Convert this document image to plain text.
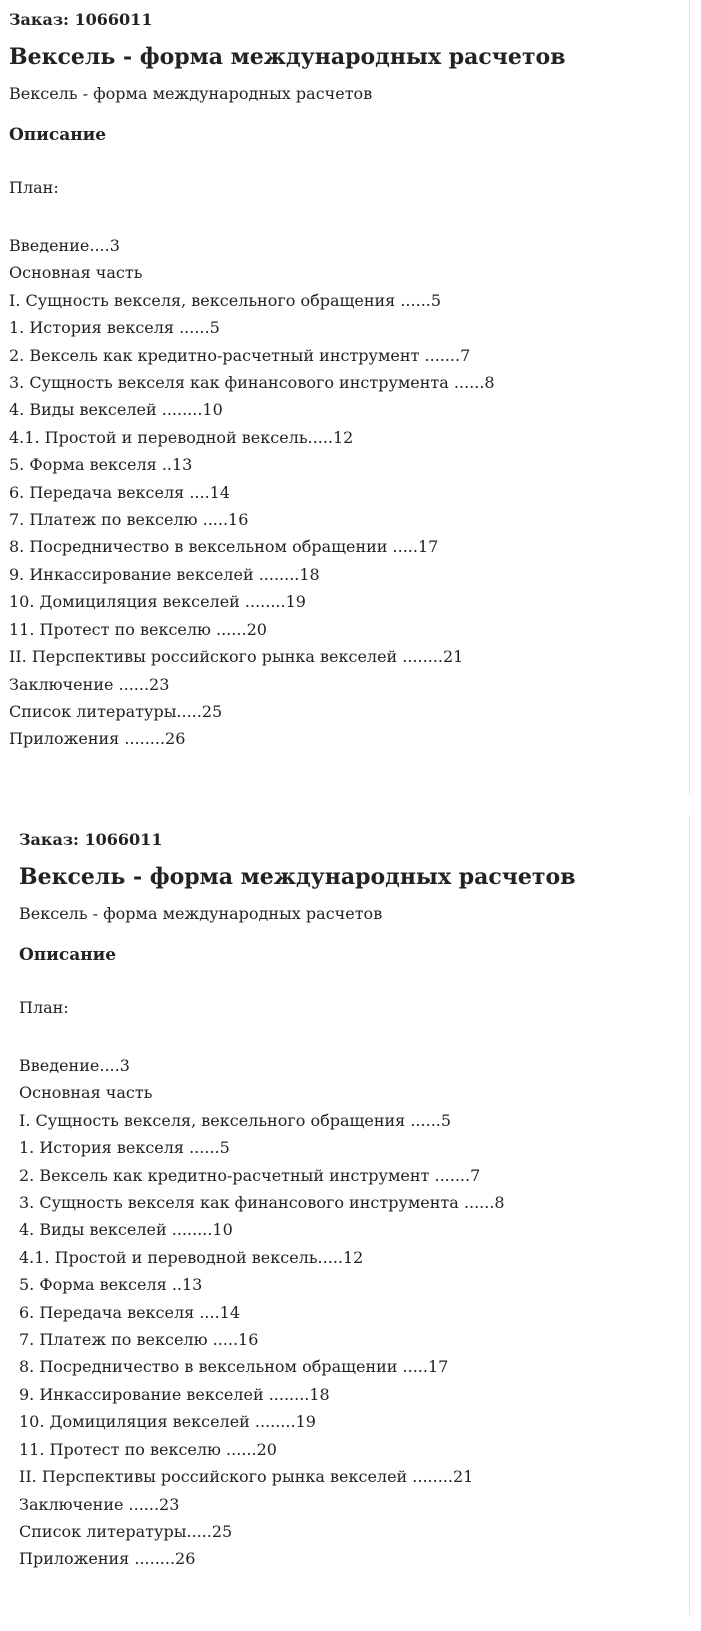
Заказ: 1066011

Вексель - форма международных расчетов

Вексель - форма международных расчетов

Описание

План:

Введение....3
Основная часть
I. Сущность векселя, вексельного обращения ......5
1. История векселя ......5
2. Вексель как кредитно-расчетный инструмент .......7
3. Сущность векселя как финансового инструмента ......8
4. Виды векселей ........10
4.1. Простой и переводной вексель.....12
5. Форма векселя ..13
6. Передача векселя ....14
7. Платеж по векселю .....16
8. Посредничество в вексельном обращении .....17
9. Инкассирование векселей ........18
10. Домициляция векселей ........19
11. Протест по векселю ......20
II. Перспективы российского рынка векселей ........21
Заключение ......23
Список литературы.....25
Приложения ........26

Заказ: 1066011

Вексель - форма международных расчетов

Вексель - форма международных расчетов

Описание

План:

Введение....3
Основная часть
I. Сущность векселя, вексельного обращения ......5
1. История векселя ......5
2. Вексель как кредитно-расчетный инструмент .......7
3. Сущность векселя как финансового инструмента ......8
4. Виды векселей ........10
4.1. Простой и переводной вексель.....12
5. Форма векселя ..13
6. Передача векселя ....14
7. Платеж по векселю .....16
8. Посредничество в вексельном обращении .....17
9. Инкассирование векселей ........18
10. Домициляция векселей ........19
11. Протест по векселю ......20
II. Перспективы российского рынка векселей ........21
Заключение ......23
Список литературы.....25
Приложения ........26
